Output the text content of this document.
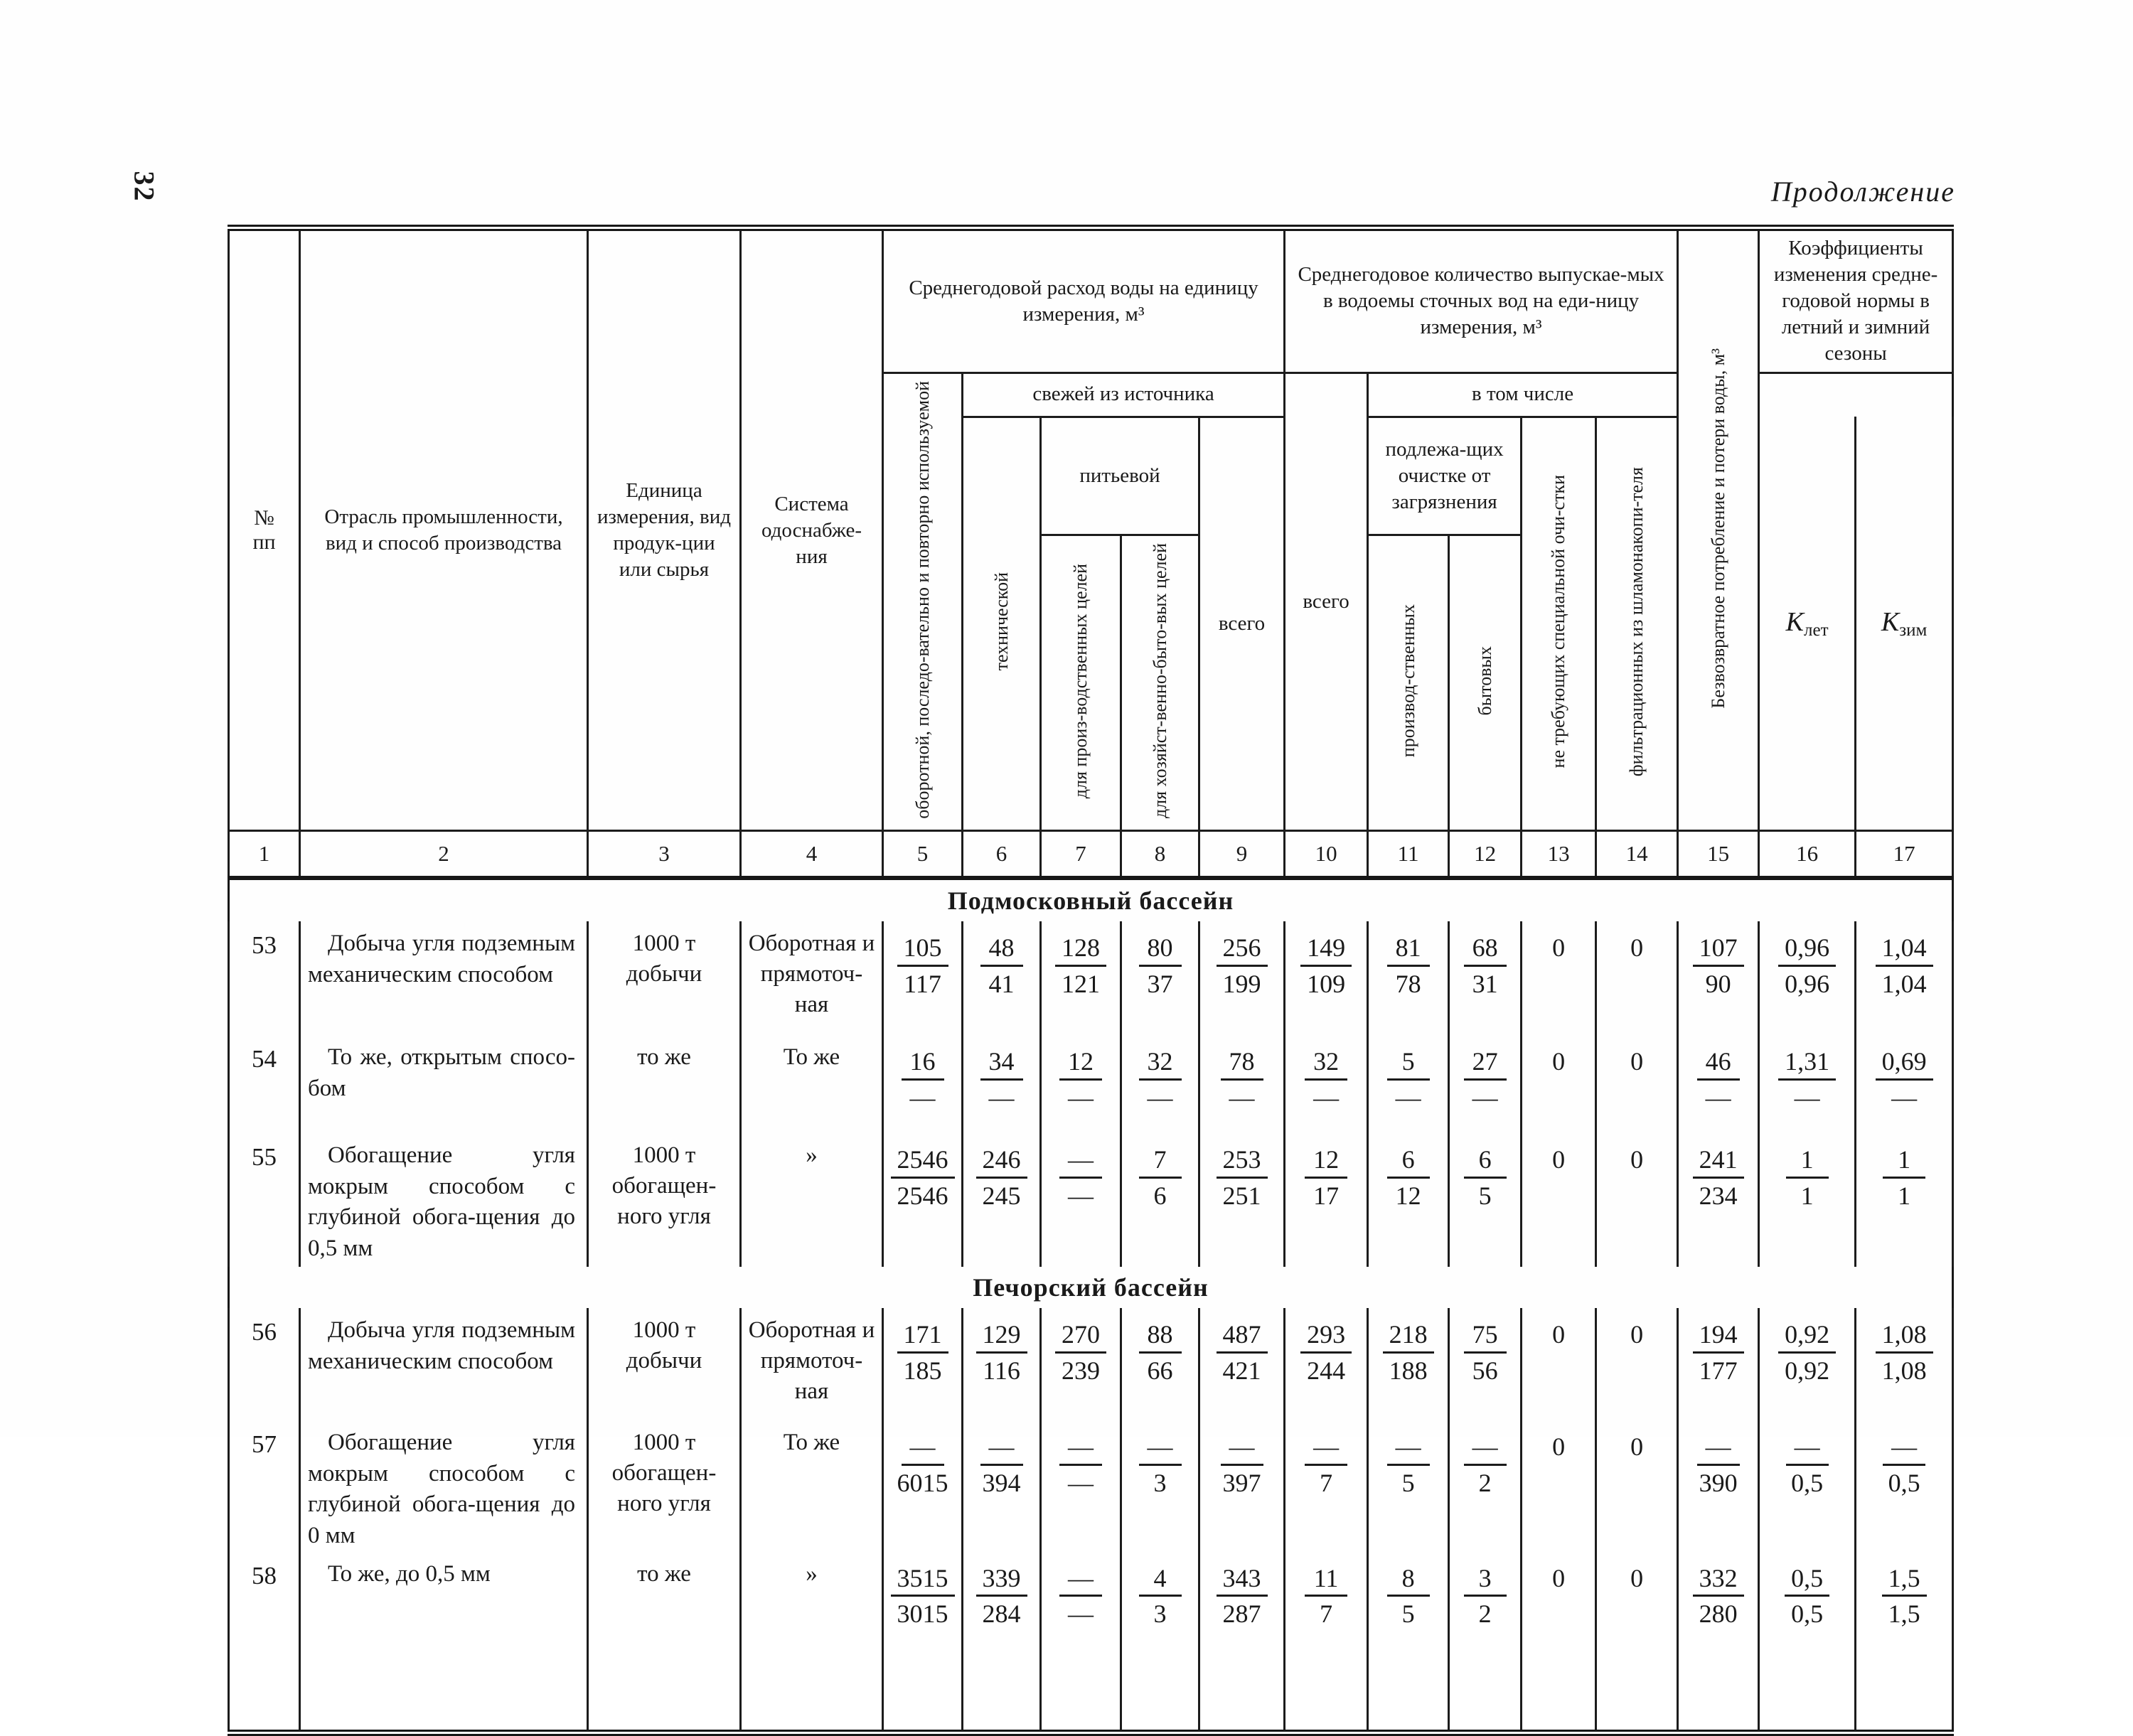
32	Продолжение
№
пп	Отрасль промышленности, вид и способ производства	Единица измерения, вид продук-ции или сырья	Система одоснабже-ния	Среднегодовой расход воды на единицу измерения, м³					Среднегодовое количество выпускае-мых в водоемы сточных вод на еди-ницу измерения, м³					Безвозвратное потребление и потери воды, м³	Коэффициенты изменения средне-годовой нормы в летний и зимний сезоны	
				оборотной, последо-вательно и повторно используемой	свежей из источника				всего	в том числе					
					технической	питьевой		всего		подлежа-щих очистке от загрязнения		не требующих специальной очи-стки	фильтрационных из шламонакопи-теля		$K_{лет}$	$K_{зим}$
						для произ-водственных целей	для хозяйст-венно-быто-вых целей			производ-ственных	бытовых					
1	2	3	4	5	6	7	8	9	10	11	12	13	14	15	16	17
Подмосковный бассейн																
53	Добыча угля подземным механическим способом	1000 т добычи	Оборотная и прямоточ-ная	$\frac{105}{117}$	$\frac{48}{41}$	$\frac{128}{121}$	$\frac{80}{37}$	$\frac{256}{199}$	$\frac{149}{109}$	$\frac{81}{78}$	$\frac{68}{31}$	0	0	$\frac{107}{90}$	$\frac{0,96}{0,96}$	$\frac{1,04}{1,04}$

54	То же, открытым спосо-бом	то же	То же	$\frac{16}{—}$	$\frac{34}{—}$	$\frac{12}{—}$	$\frac{32}{—}$	$\frac{78}{—}$	$\frac{32}{—}$	$\frac{5}{—}$	$\frac{27}{—}$	0	0	$\frac{46}{—}$	$\frac{1,31}{—}$	$\frac{0,69}{—}$

55	Обогащение угля мокрым способом с глубиной обога-щения до 0,5 мм	1000 т обогащен-ного угля	»	$\frac{2546}{2546}$	$\frac{246}{245}$	$\frac{—}{—}$	$\frac{7}{6}$	$\frac{253}{251}$	$\frac{12}{17}$	$\frac{6}{12}$	$\frac{6}{5}$	0	0	$\frac{241}{234}$	$\frac{1}{1}$	$\frac{1}{1}$

Печорский бассейн																
56	Добыча угля подземным механическим способом	1000 т добычи	Оборотная и прямоточ-ная	$\frac{171}{185}$	$\frac{129}{116}$	$\frac{270}{239}$	$\frac{88}{66}$	$\frac{487}{421}$	$\frac{293}{244}$	$\frac{218}{188}$	$\frac{75}{56}$	0	0	$\frac{194}{177}$	$\frac{0,92}{0,92}$	$\frac{1,08}{1,08}$

57	Обогащение угля мокрым способом с глубиной обога-щения до 0 мм	1000 т обогащен-ного угля	То же	$\frac{—}{6015}$	$\frac{—}{394}$	$\frac{—}{—}$	$\frac{—}{3}$	$\frac{—}{397}$	$\frac{—}{7}$	$\frac{—}{5}$	$\frac{—}{2}$	0	0	$\frac{—}{390}$	$\frac{—}{0,5}$	$\frac{—}{0,5}$

58	То же, до 0,5 мм	то же	»	$\frac{3515}{3015}$	$\frac{339}{284}$	$\frac{—}{—}$	$\frac{4}{3}$	$\frac{343}{287}$	$\frac{11}{7}$	$\frac{8}{5}$	$\frac{3}{2}$	0	0	$\frac{332}{280}$	$\frac{0,5}{0,5}$	$\frac{1,5}{1,5}$
